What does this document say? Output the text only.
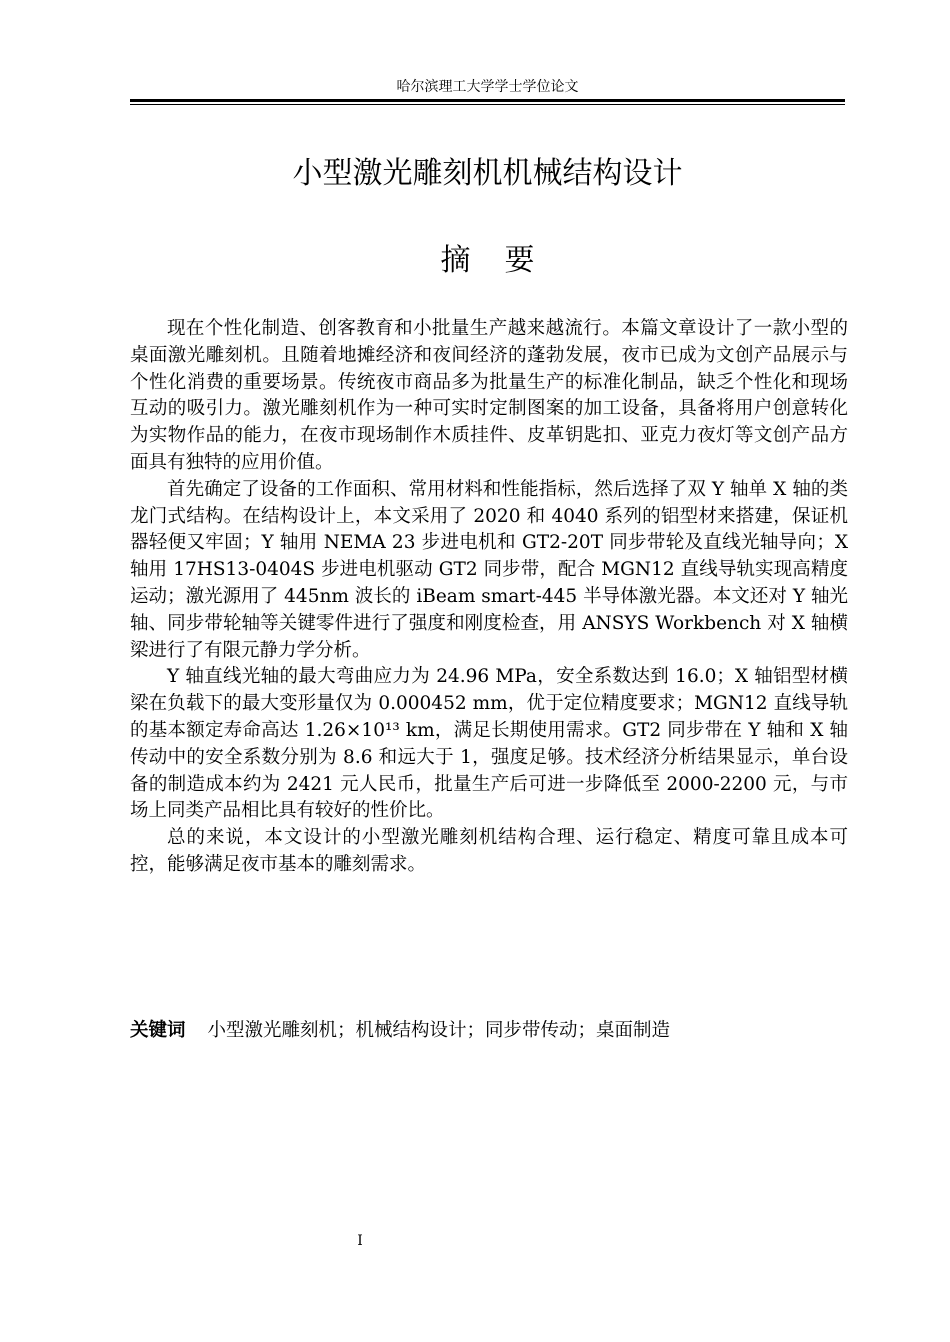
哈尔滨理工大学学士学位论文
小型激光雕刻机机械结构设计
摘要

现在个性化制造、创客教育和小批量生产越来越流行。本篇文章设计了一款小型的桌面激光雕刻机。且随着地摊经济和夜间经济的蓬勃发展，夜市已成为文创产品展示与个性化消费的重要场景。传统夜市商品多为批量生产的标准化制品，缺乏个性化和现场互动的吸引力。激光雕刻机作为一种可实时定制图案的加工设备，具备将用户创意转化为实物作品的能力，在夜市现场制作木质挂件、皮革钥匙扣、亚克力夜灯等文创产品方面具有独特的应用价值。

首先确定了设备的工作面积、常用材料和性能指标，然后选择了双 Y 轴单 X 轴的类龙门式结构。在结构设计上，本文采用了 2020 和 4040 系列的铝型材来搭建，保证机器轻便又牢固；Y 轴用 NEMA 23 步进电机和 GT2-20T 同步带轮及直线光轴导向；X 轴用 17HS13-0404S 步进电机驱动 GT2 同步带，配合 MGN12 直线导轨实现高精度运动；激光源用了 445nm 波长的 iBeam smart-445 半导体激光器。本文还对 Y 轴光轴、同步带轮轴等关键零件进行了强度和刚度检查，用 ANSYS Workbench 对 X 轴横梁进行了有限元静力学分析。

Y 轴直线光轴的最大弯曲应力为 24.96 MPa，安全系数达到 16.0；X 轴铝型材横梁在负载下的最大变形量仅为 0.000452 mm，优于定位精度要求；MGN12 直线导轨的基本额定寿命高达 1.26×10¹³ km，满足长期使用需求。GT2 同步带在 Y 轴和 X 轴传动中的安全系数分别为 8.6 和远大于 1，强度足够。技术经济分析结果显示，单台设备的制造成本约为 2421 元人民币，批量生产后可进一步降低至 2000-2200 元，与市场上同类产品相比具有较好的性价比。

总的来说，本文设计的小型激光雕刻机结构合理、运行稳定、精度可靠且成本可控，能够满足夜市基本的雕刻需求。

关键词 小型激光雕刻机；机械结构设计；同步带传动；桌面制造
I
